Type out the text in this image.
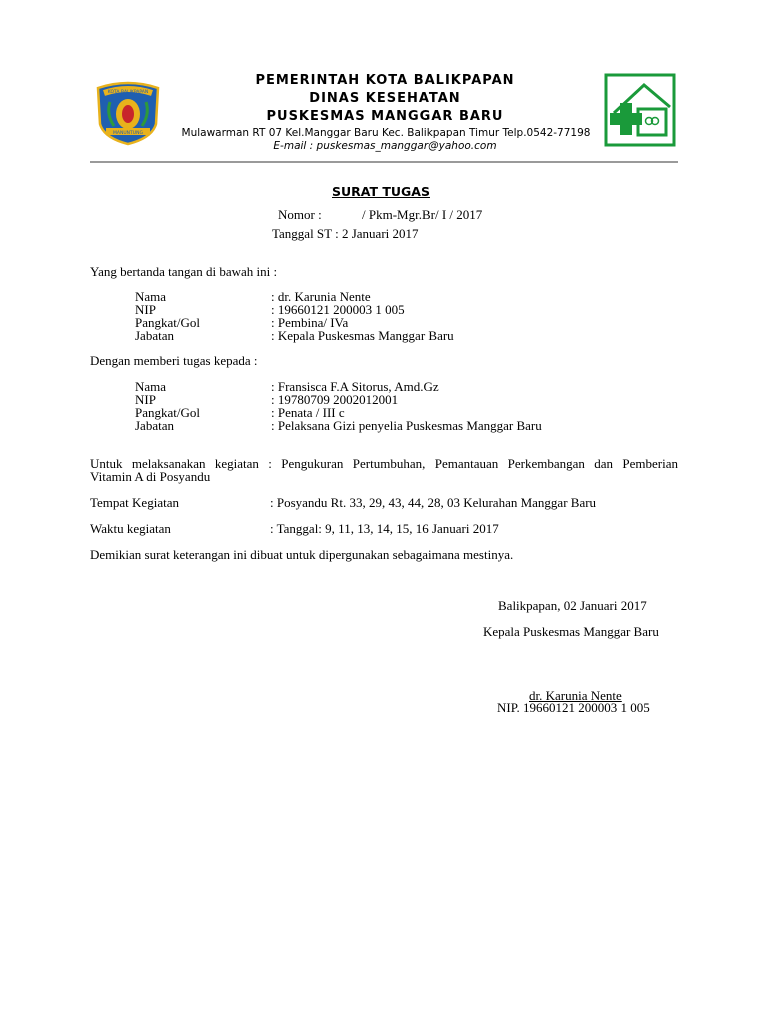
MANUNTUNG
KOTA BALIKPAPAN
PEMERINTAH KOTA BALIKPAPAN
DINAS KESEHATAN
PUSKESMAS MANGGAR BARU
Mulawarman RT 07 Kel.Manggar Baru Kec. Balikpapan Timur Telp.0542-77198
E-mail : puskesmas_manggar@yahoo.com
SURAT TUGAS
Nomor :	/ Pkm-Mgr.Br/ I / 2017
Tanggal ST : 2 Januari 2017
Yang bertanda tangan di bawah ini :
Nama	: dr. Karunia Nente
NIP	: 19660121 200003 1 005
Pangkat/Gol	: Pembina/ IVa
Jabatan	: Kepala Puskesmas Manggar Baru
Dengan memberi tugas kepada :
Nama	: Fransisca F.A Sitorus, Amd.Gz
NIP	: 19780709 2002012001
Pangkat/Gol	: Penata / III c
Jabatan	: Pelaksana Gizi penyelia Puskesmas Manggar Baru
Untuk melaksanakan kegiatan : Pengukuran Pertumbuhan, Pemantauan Perkembangan dan Pemberian
Vitamin A di Posyandu
Tempat Kegiatan	: Posyandu Rt. 33, 29, 43, 44, 28, 03 Kelurahan Manggar Baru
Waktu kegiatan	: Tanggal: 9, 11, 13, 14, 15, 16 Januari 2017
Demikian surat keterangan ini dibuat untuk dipergunakan sebagaimana mestinya.
Balikpapan, 02 Januari 2017
Kepala Puskesmas Manggar Baru
dr. Karunia Nente
NIP. 19660121 200003 1 005
